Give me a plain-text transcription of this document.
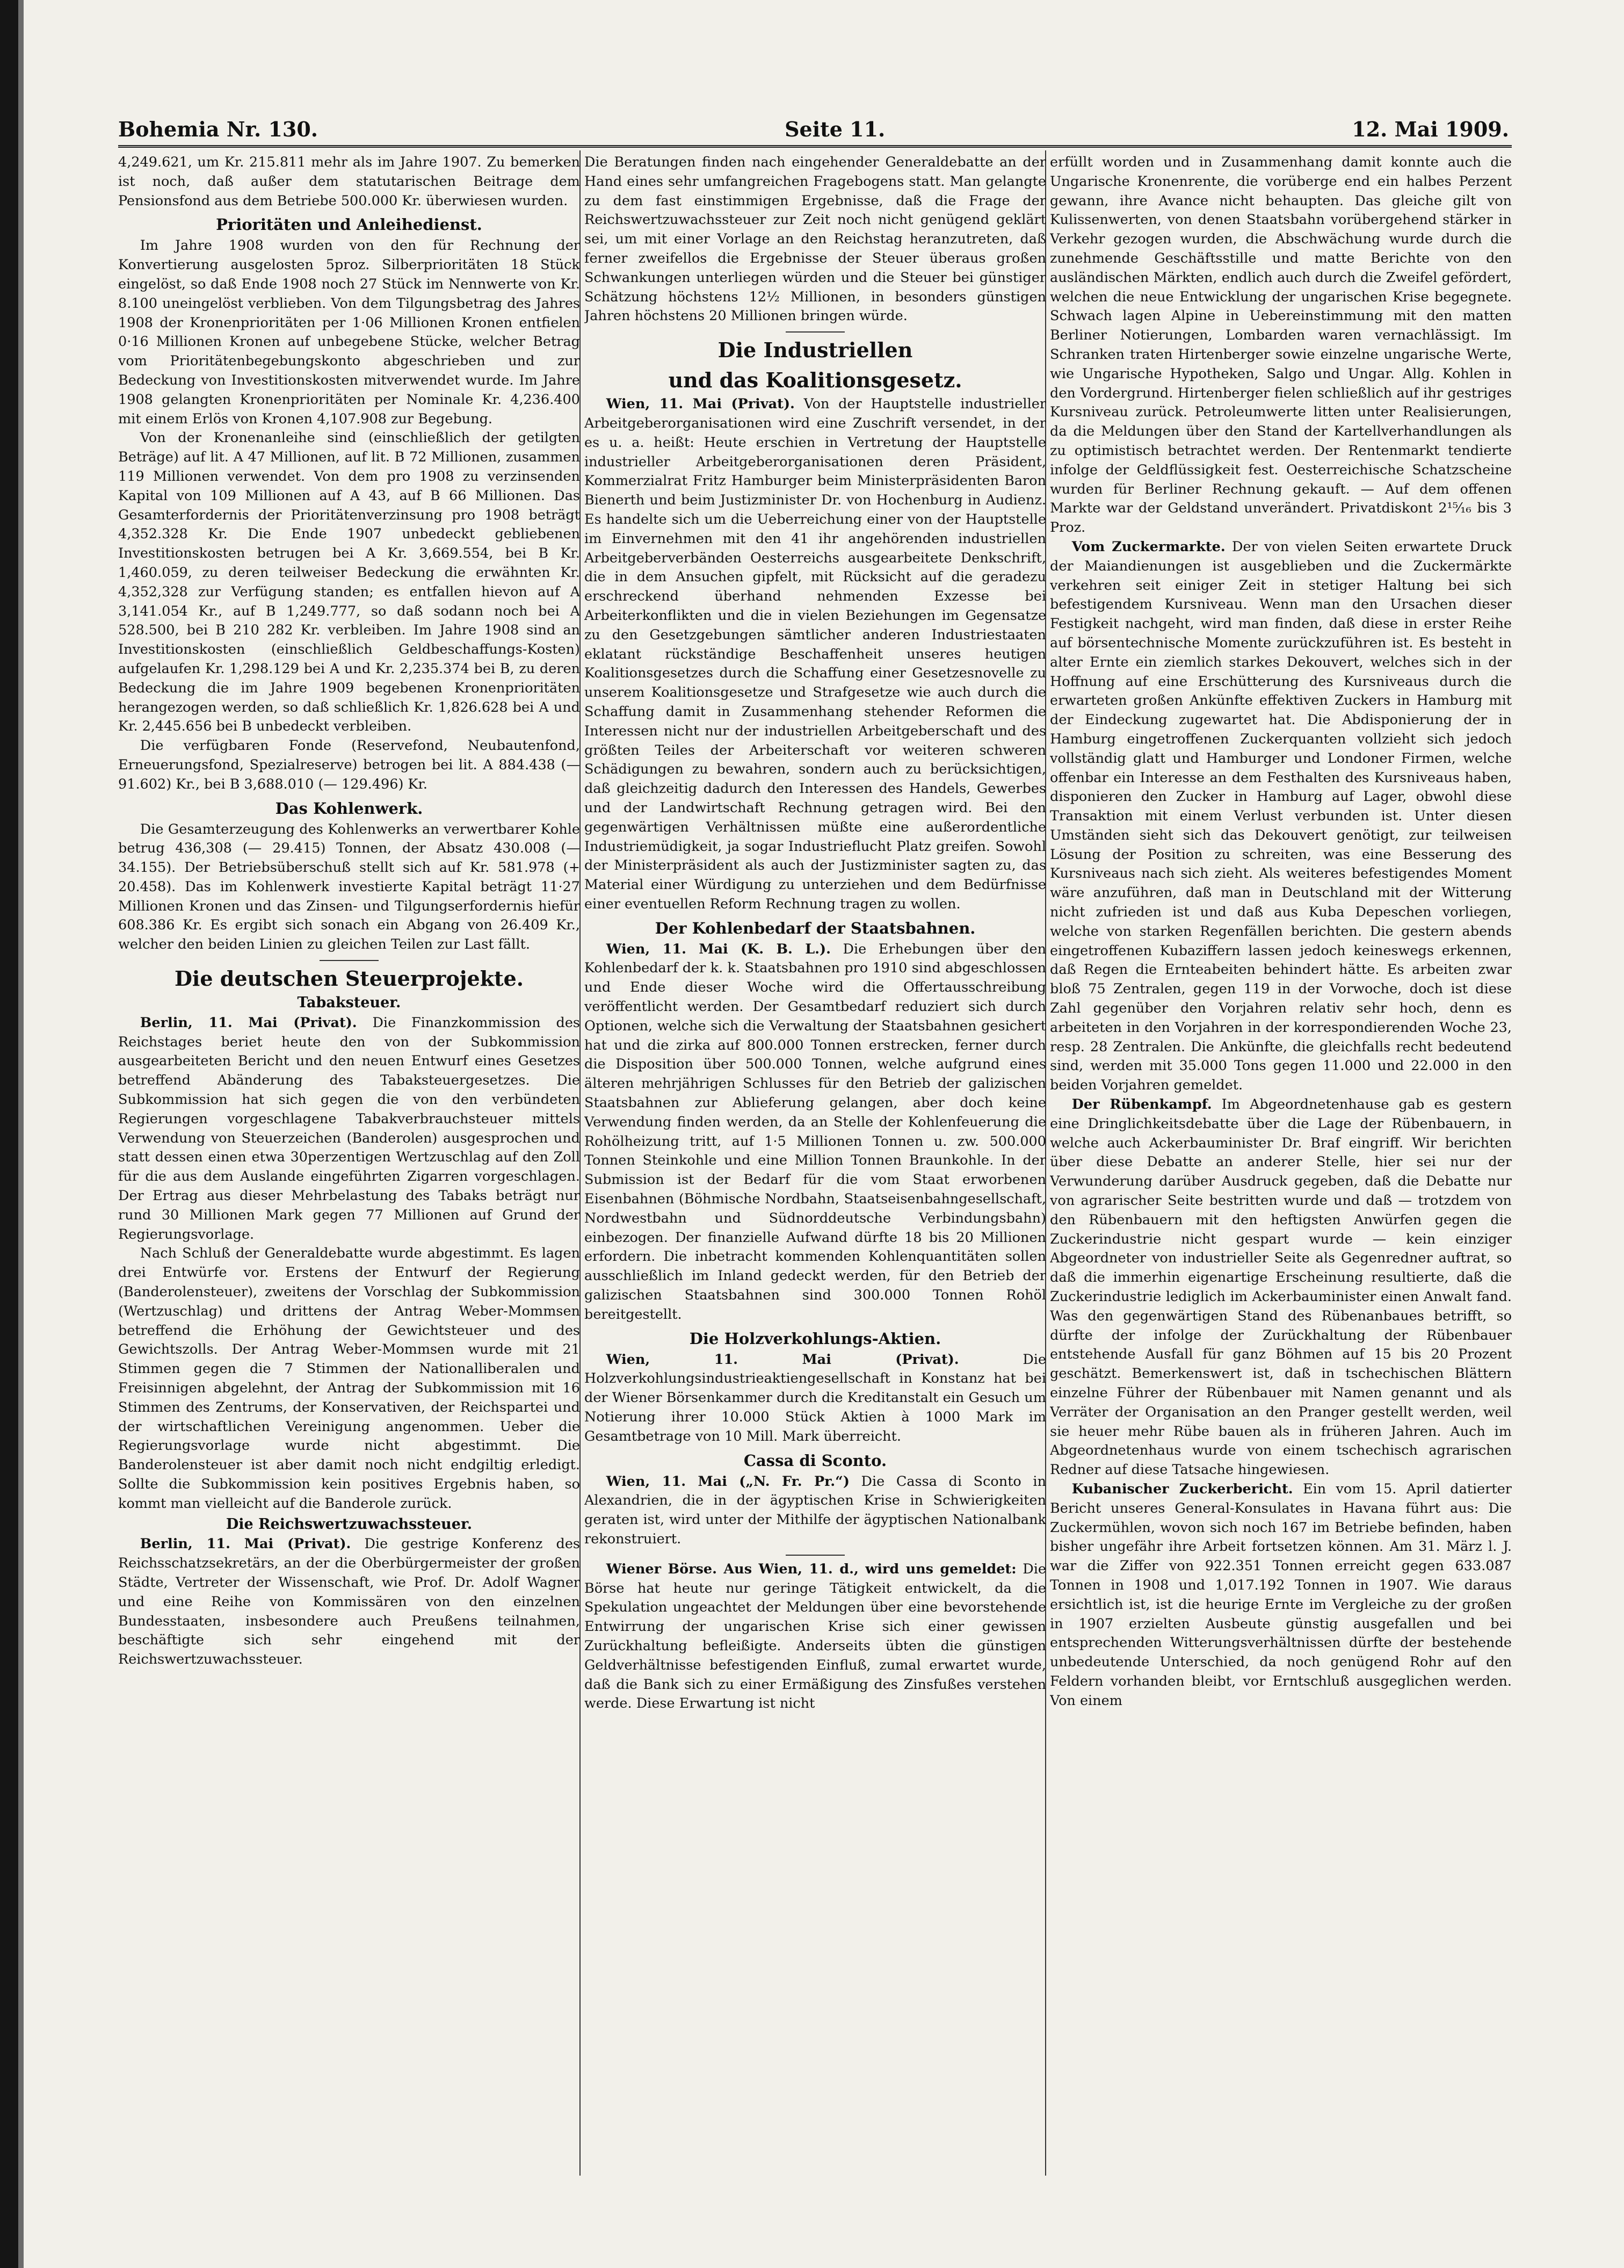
Bohemia Nr. 130.	Seite 11.	12. Mai 1909.

4,249.621, um Kr. 215.811 mehr als im Jahre 1907. Zu bemerken ist noch, daß außer dem statutarischen Beitrage dem Pensionsfond aus dem Betriebe 500.000 Kr. überwiesen wurden.

Prioritäten und Anleihedienst.

Im Jahre 1908 wurden von den für Rechnung der Konvertierung ausgelosten 5proz. Silberprioritäten 18 Stück eingelöst, so daß Ende 1908 noch 27 Stück im Nennwerte von Kr. 8.100 uneingelöst verblieben. Von dem Tilgungsbetrag des Jahres 1908 der Kronenprioritäten per 1·06 Millionen Kronen entfielen 0·16 Millionen Kronen auf unbegebene Stücke, welcher Betrag vom Prioritätenbegebungskonto abgeschrieben und zur Bedeckung von Investitionskosten mitverwendet wurde. Im Jahre 1908 gelangten Kronenprioritäten per Nominale Kr. 4,236.400 mit einem Erlös von Kronen 4,107.908 zur Begebung.

Von der Kronenanleihe sind (einschließlich der getilgten Beträge) auf lit. A 47 Millionen, auf lit. B 72 Millionen, zusammen 119 Millionen verwendet. Von dem pro 1908 zu verzinsenden Kapital von 109 Millionen auf A 43, auf B 66 Millionen. Das Gesamterfordernis der Prioritätenverzinsung pro 1908 beträgt 4,352.328 Kr. Die Ende 1907 unbedeckt gebliebenen Investitionskosten betrugen bei A Kr. 3,669.554, bei B Kr. 1,460.059, zu deren teilweiser Bedeckung die erwähnten Kr. 4,352,328 zur Verfügung standen; es entfallen hievon auf A 3,141.054 Kr., auf B 1,249.777, so daß sodann noch bei A 528.500, bei B 210 282 Kr. verbleiben. Im Jahre 1908 sind an Investitionskosten (einschließlich Geldbeschaffungs-Kosten) aufgelaufen Kr. 1,298.129 bei A und Kr. 2,235.374 bei B, zu deren Bedeckung die im Jahre 1909 begebenen Kronenprioritäten herangezogen werden, so daß schließlich Kr. 1,826.628 bei A und Kr. 2,445.656 bei B unbedeckt verbleiben.

Die verfügbaren Fonde (Reservefond, Neubautenfond, Erneuerungsfond, Spezialreserve) betrogen bei lit. A 884.438 (— 91.602) Kr., bei B 3,688.010 (— 129.496) Kr.

Das Kohlenwerk.

Die Gesamterzeugung des Kohlenwerks an verwertbarer Kohle betrug 436,308 (— 29.415) Tonnen, der Absatz 430.008 (— 34.155). Der Betriebsüberschuß stellt sich auf Kr. 581.978 (+ 20.458). Das im Kohlenwerk investierte Kapital beträgt 11·27 Millionen Kronen und das Zinsen- und Tilgungserfordernis hiefür 608.386 Kr. Es ergibt sich sonach ein Abgang von 26.409 Kr., welcher den beiden Linien zu gleichen Teilen zur Last fällt.

Die deutschen Steuerprojekte.
Tabaksteuer.

Berlin, 11. Mai (Privat). Die Finanzkommission des Reichstages beriet heute den von der Subkommission ausgearbeiteten Bericht und den neuen Entwurf eines Gesetzes betreffend Abänderung des Tabaksteuergesetzes. Die Subkommission hat sich gegen die von den verbündeten Regierungen vorgeschlagene Tabakverbrauchsteuer mittels Verwendung von Steuerzeichen (Banderolen) ausgesprochen und statt dessen einen etwa 30perzentigen Wertzuschlag auf den Zoll für die aus dem Auslande eingeführten Zigarren vorgeschlagen. Der Ertrag aus dieser Mehrbelastung des Tabaks beträgt nur rund 30 Millionen Mark gegen 77 Millionen auf Grund der Regierungsvorlage.

Nach Schluß der Generaldebatte wurde abgestimmt. Es lagen drei Entwürfe vor. Erstens der Entwurf der Regierung (Banderolensteuer), zweitens der Vorschlag der Subkommission (Wertzuschlag) und drittens der Antrag Weber-Mommsen betreffend die Erhöhung der Gewichtsteuer und des Gewichtszolls. Der Antrag Weber-Mommsen wurde mit 21 Stimmen gegen die 7 Stimmen der Nationalliberalen und Freisinnigen abgelehnt, der Antrag der Subkommission mit 16 Stimmen des Zentrums, der Konservativen, der Reichspartei und der wirtschaftlichen Vereinigung angenommen. Ueber die Regierungsvorlage wurde nicht abgestimmt. Die Banderolensteuer ist aber damit noch nicht endgiltig erledigt. Sollte die Subkommission kein positives Ergebnis haben, so kommt man vielleicht auf die Banderole zurück.

Die Reichswertzuwachssteuer.

Berlin, 11. Mai (Privat). Die gestrige Konferenz des Reichsschatzsekretärs, an der die Oberbürgermeister der großen Städte, Vertreter der Wissenschaft, wie Prof. Dr. Adolf Wagner und eine Reihe von Kommissären von den einzelnen Bundesstaaten, insbesondere auch Preußens teilnahmen, beschäftigte sich sehr eingehend mit der Reichswertzuwachssteuer.

Die Beratungen finden nach eingehender Generaldebatte an der Hand eines sehr umfangreichen Fragebogens statt. Man gelangte zu dem fast einstimmigen Ergebnisse, daß die Frage der Reichswertzuwachssteuer zur Zeit noch nicht genügend geklärt sei, um mit einer Vorlage an den Reichstag heranzutreten, daß ferner zweifellos die Ergebnisse der Steuer überaus großen Schwankungen unterliegen würden und die Steuer bei günstiger Schätzung höchstens 12½ Millionen, in besonders günstigen Jahren höchstens 20 Millionen bringen würde.

Die Industriellen
und das Koalitionsgesetz.

Wien, 11. Mai (Privat). Von der Hauptstelle industrieller Arbeitgeberorganisationen wird eine Zuschrift versendet, in der es u. a. heißt: Heute erschien in Vertretung der Hauptstelle industrieller Arbeitgeberorganisationen deren Präsident, Kommerzialrat Fritz Hamburger beim Ministerpräsidenten Baron Bienerth und beim Justizminister Dr. von Hochenburg in Audienz. Es handelte sich um die Ueberreichung einer von der Hauptstelle im Einvernehmen mit den 41 ihr angehörenden industriellen Arbeitgeberverbänden Oesterreichs ausgearbeitete Denkschrift, die in dem Ansuchen gipfelt, mit Rücksicht auf die geradezu erschreckend überhand nehmenden Exzesse bei Arbeiterkonflikten und die in vielen Beziehungen im Gegensatze zu den Gesetzgebungen sämtlicher anderen Industriestaaten eklatant rückständige Beschaffenheit unseres heutigen Koalitionsgesetzes durch die Schaffung einer Gesetzesnovelle zu unserem Koalitionsgesetze und Strafgesetze wie auch durch die Schaffung damit in Zusammenhang stehender Reformen die Interessen nicht nur der industriellen Arbeitgeberschaft und des größten Teiles der Arbeiterschaft vor weiteren schweren Schädigungen zu bewahren, sondern auch zu berücksichtigen, daß gleichzeitig dadurch den Interessen des Handels, Gewerbes und der Landwirtschaft Rechnung getragen wird. Bei den gegenwärtigen Verhältnissen müßte eine außerordentliche Industriemüdigkeit, ja sogar Industrieflucht Platz greifen. Sowohl der Ministerpräsident als auch der Justizminister sagten zu, das Material einer Würdigung zu unterziehen und dem Bedürfnisse einer eventuellen Reform Rechnung tragen zu wollen.

Der Kohlenbedarf der Staatsbahnen.

Wien, 11. Mai (K. B. L.). Die Erhebungen über den Kohlenbedarf der k. k. Staatsbahnen pro 1910 sind abgeschlossen und Ende dieser Woche wird die Offertausschreibung veröffentlicht werden. Der Gesamtbedarf reduziert sich durch Optionen, welche sich die Verwaltung der Staatsbahnen gesichert hat und die zirka auf 800.000 Tonnen erstrecken, ferner durch die Disposition über 500.000 Tonnen, welche aufgrund eines älteren mehrjährigen Schlusses für den Betrieb der galizischen Staatsbahnen zur Ablieferung gelangen, aber doch keine Verwendung finden werden, da an Stelle der Kohlenfeuerung die Rohölheizung tritt, auf 1·5 Millionen Tonnen u. zw. 500.000 Tonnen Steinkohle und eine Million Tonnen Braunkohle. In der Submission ist der Bedarf für die vom Staat erworbenen Eisenbahnen (Böhmische Nordbahn, Staatseisenbahngesellschaft, Nordwestbahn und Südnorddeutsche Verbindungsbahn) einbezogen. Der finanzielle Aufwand dürfte 18 bis 20 Millionen erfordern. Die inbetracht kommenden Kohlenquantitäten sollen ausschließlich im Inland gedeckt werden, für den Betrieb der galizischen Staatsbahnen sind 300.000 Tonnen Rohöl bereitgestellt.

Die Holzverkohlungs-Aktien.

Wien, 11. Mai (Privat).	Die Holzverkohlungsindustrieaktiengesellschaft in Konstanz hat bei der Wiener Börsenkammer durch die Kreditanstalt ein Gesuch um Notierung ihrer 10.000 Stück Aktien à 1000 Mark im Gesamtbetrage von 10 Mill. Mark überreicht.

Cassa di Sconto.

Wien, 11. Mai („N. Fr. Pr.“) Die Cassa di Sconto in Alexandrien, die in der ägyptischen Krise in Schwierigkeiten geraten ist, wird unter der Mithilfe der ägyptischen Nationalbank rekonstruiert.

Wiener Börse. Aus Wien, 11. d., wird uns gemeldet: Die Börse hat heute nur geringe Tätigkeit entwickelt, da die Spekulation ungeachtet der Meldungen über eine bevorstehende Entwirrung der ungarischen Krise sich einer gewissen Zurückhaltung befleißigte. Anderseits übten die günstigen Geldverhältnisse befestigenden Einfluß, zumal erwartet wurde, daß die Bank sich zu einer Ermäßigung des Zinsfußes verstehen werde. Diese Erwartung ist nicht

erfüllt worden und in Zusammenhang damit konnte auch die Ungarische Kronenrente, die vorüberge end ein halbes Perzent gewann, ihre Avance nicht behaupten. Das gleiche gilt von Kulissenwerten, von denen Staatsbahn vorübergehend stärker in Verkehr gezogen wurden, die Abschwächung wurde durch die zunehmende Geschäftsstille und matte Berichte von den ausländischen Märkten, endlich auch durch die Zweifel gefördert, welchen die neue Entwicklung der ungarischen Krise begegnete. Schwach lagen Alpine in Uebereinstimmung mit den matten Berliner Notierungen, Lombarden waren vernachlässigt. Im Schranken traten Hirtenberger sowie einzelne ungarische Werte, wie Ungarische Hypotheken, Salgo und Ungar. Allg. Kohlen in den Vordergrund. Hirtenberger fielen schließlich auf ihr gestriges Kursniveau zurück. Petroleumwerte litten unter Realisierungen, da die Meldungen über den Stand der Kartellverhandlungen als zu optimistisch betrachtet werden. Der Rentenmarkt tendierte infolge der Geldflüssigkeit fest. Oesterreichische Schatzscheine wurden für Berliner Rechnung gekauft. — Auf dem offenen Markte war der Geldstand unverändert. Privatdiskont 2¹⁵⁄₁₆ bis 3 Proz.

Vom Zuckermarkte. Der von vielen Seiten erwartete Druck der Maiandienungen ist ausgeblieben und die Zuckermärkte verkehren seit einiger Zeit in stetiger Haltung bei sich befestigendem Kursniveau. Wenn man den Ursachen dieser Festigkeit nachgeht, wird man finden, daß diese in erster Reihe auf börsentechnische Momente zurückzuführen ist. Es besteht in alter Ernte ein ziemlich starkes Dekouvert, welches sich in der Hoffnung auf eine Erschütterung des Kursniveaus durch die erwarteten großen Ankünfte effektiven Zuckers in Hamburg mit der Eindeckung zugewartet hat. Die Abdisponierung der in Hamburg eingetroffenen Zuckerquanten vollzieht sich jedoch vollständig glatt und Hamburger und Londoner Firmen, welche offenbar ein Interesse an dem Festhalten des Kursniveaus haben, disponieren den Zucker in Hamburg auf Lager, obwohl diese Transaktion mit einem Verlust verbunden ist. Unter diesen Umständen sieht sich das Dekouvert genötigt, zur teilweisen Lösung der Position zu schreiten, was eine Besserung des Kursniveaus nach sich zieht. Als weiteres befestigendes Moment wäre anzuführen, daß man in Deutschland mit der Witterung nicht zufrieden ist und daß aus Kuba Depeschen vorliegen, welche von starken Regenfällen berichten. Die gestern abends eingetroffenen Kubaziffern lassen jedoch keineswegs erkennen, daß Regen die Ernteabeiten behindert hätte. Es arbeiten zwar bloß 75 Zentralen, gegen 119 in der Vorwoche, doch ist diese Zahl gegenüber den Vorjahren relativ sehr hoch, denn es arbeiteten in den Vorjahren in der korrespondierenden Woche 23, resp. 28 Zentralen. Die Ankünfte, die gleichfalls recht bedeutend sind, werden mit 35.000 Tons gegen 11.000 und 22.000 in den beiden Vorjahren gemeldet.

Der Rübenkampf. Im Abgeordnetenhause gab es gestern eine Dringlichkeitsdebatte über die Lage der Rübenbauern, in welche auch Ackerbauminister Dr. Braf eingriff. Wir berichten über diese Debatte an anderer Stelle, hier sei nur der Verwunderung darüber Ausdruck gegeben, daß die Debatte nur von agrarischer Seite bestritten wurde und daß — trotzdem von den Rübenbauern mit den heftigsten Anwürfen gegen die Zuckerindustrie nicht gespart wurde — kein einziger Abgeordneter von industrieller Seite als Gegenredner auftrat, so daß die immerhin eigenartige Erscheinung resultierte, daß die Zuckerindustrie lediglich im Ackerbauminister einen Anwalt fand. Was den gegenwärtigen Stand des Rübenanbaues betrifft, so dürfte der infolge der Zurückhaltung der Rübenbauer entstehende Ausfall für ganz Böhmen auf 15 bis 20 Prozent geschätzt. Bemerkenswert ist, daß in tschechischen Blättern einzelne Führer der Rübenbauer mit Namen genannt und als Verräter der Organisation an den Pranger gestellt werden, weil sie heuer mehr Rübe bauen als in früheren Jahren. Auch im Abgeordnetenhaus wurde von einem tschechisch agrarischen Redner auf diese Tatsache hingewiesen.

Kubanischer Zuckerbericht. Ein vom 15. April datierter Bericht unseres General-Konsulates in Havana führt aus: Die Zuckermühlen, wovon sich noch 167 im Betriebe befinden, haben bisher ungefähr ihre Arbeit fortsetzen können. Am 31. März l. J. war die Ziffer von 922.351 Tonnen erreicht gegen 633.087 Tonnen in 1908 und 1,017.192 Tonnen in 1907. Wie daraus ersichtlich ist, ist die heurige Ernte im Vergleiche zu der großen in 1907 erzielten Ausbeute günstig ausgefallen und bei entsprechenden Witterungsverhältnissen dürfte der bestehende unbedeutende Unterschied, da noch genügend Rohr auf den Feldern vorhanden bleibt, vor Erntschluß ausgeglichen werden. Von einem
